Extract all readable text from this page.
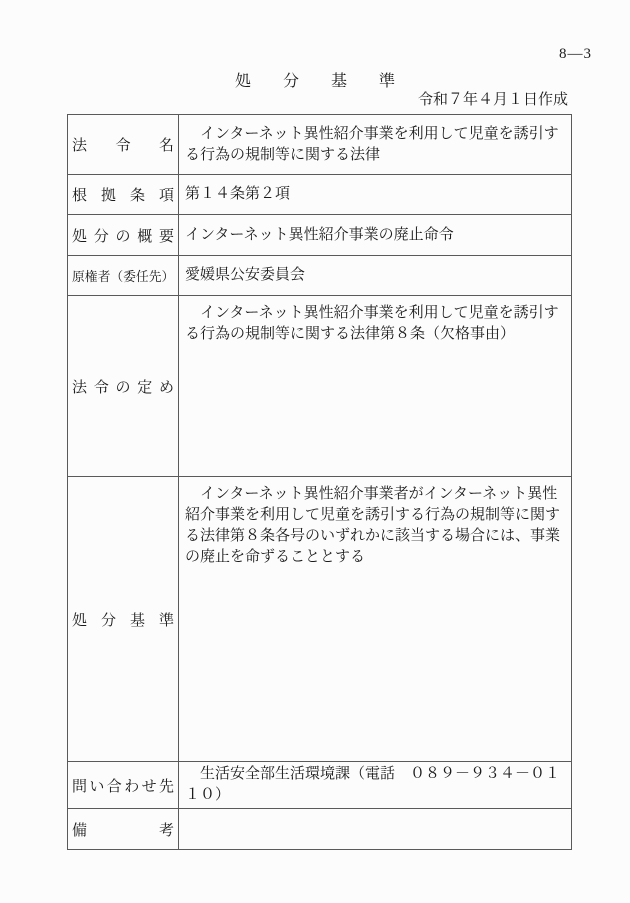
8—3
処分基準
令和７年４月１日作成
法令名	インターネット異性紹介事業を利用して児童を誘引する行為の規制等に関する法律

根拠条項	第１４条第２項

処分の概要	インターネット異性紹介事業の廃止命令

原権者（委任先）	愛媛県公安委員会

法令の定め	インターネット異性紹介事業を利用して児童を誘引する行為の規制等に関する法律第８条（欠格事由）

処分基準	インターネット異性紹介事業者がインターネット異性紹介事業を利用して児童を誘引する行為の規制等に関する法律第８条各号のいずれかに該当する場合には、事業の廃止を命ずることとする

問い合わせ先	生活安全部生活環境課（電話　０８９－９３４－０１１０）

備考	
